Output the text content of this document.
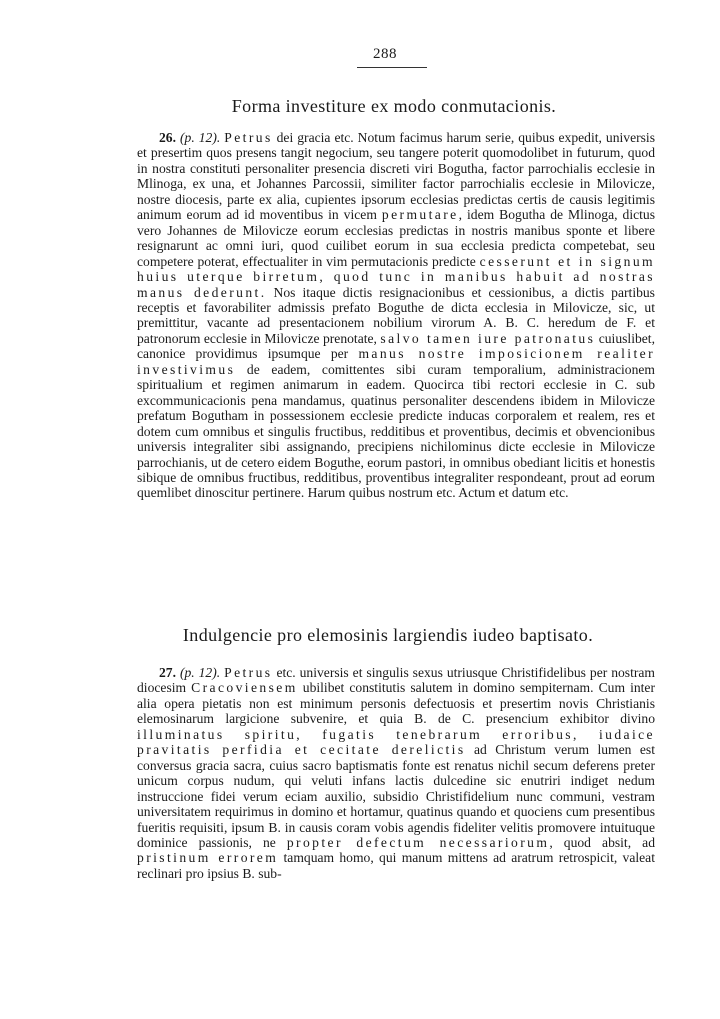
288
Forma investiture ex modo conmutacionis.

26. (p. 12). Petrus dei gracia etc. Notum facimus harum serie, quibus expedit, universis et presertim quos presens tangit negocium, seu tangere poterit quomodolibet in futurum, quod in nostra constituti personaliter presencia discreti viri Bogutha, factor parrochialis ecclesie in Mlinoga, ex una, et Johannes Parcossii, similiter factor parrochialis ecclesie in Milovicze, nostre diocesis, parte ex alia, cupientes ipsorum ecclesias predictas certis de causis legitimis animum eorum ad id moventibus in vicem permutare, idem Bogutha de Mlinoga, dictus vero Johannes de Milovicze eorum ecclesias predictas in nostris manibus sponte et libere resignarunt ac omni iuri, quod cuilibet eorum in sua ecclesia predicta competebat, seu competere poterat, effectualiter in vim permutacionis predicte cesserunt et in signum huius uterque birretum, quod tunc in manibus habuit ad nostras manus dederunt. Nos itaque dictis resignacionibus et cessionibus, a dictis partibus receptis et favorabiliter admissis prefato Boguthe de dicta ecclesia in Milovicze, sic, ut premittitur, vacante ad presentacionem nobilium virorum A. B. C. heredum de F. et patronorum ecclesie in Milovicze prenotate, salvo tamen iure patronatus cuiuslibet, canonice providimus ipsumque per manus nostre imposicionem realiter investivimus de eadem, comittentes sibi curam temporalium, administracionem spiritualium et regimen animarum in eadem. Quocirca tibi rectori ecclesie in C. sub excommunicacionis pena mandamus, quatinus personaliter descendens ibidem in Milovicze prefatum Bogutham in possessionem ecclesie predicte inducas corporalem et realem, res et dotem cum omnibus et singulis fructibus, redditibus et proventibus, decimis et obvencionibus universis integraliter sibi assignando, precipiens nichilominus dicte ecclesie in Milovicze parrochianis, ut de cetero eidem Boguthe, eorum pastori, in omnibus obediant licitis et honestis sibique de omnibus fructibus, redditibus, proventibus integraliter respondeant, prout ad eorum quemlibet dinoscitur pertinere. Harum quibus nostrum etc. Actum et datum etc.

Indulgencie pro elemosinis largiendis iudeo baptisato.

27. (p. 12). Petrus etc. universis et singulis sexus utriusque Christifidelibus per nostram diocesim Cracoviensem ubilibet constitutis salutem in domino sempiternam. Cum inter alia opera pietatis non est minimum personis defectuosis et presertim novis Christianis elemosinarum largicione subvenire, et quia B. de C. presencium exhibitor divino illuminatus spiritu, fugatis tenebrarum erroribus, iudaice pravitatis perfidia et cecitate derelictis ad Christum verum lumen est conversus gracia sacra, cuius sacro baptismatis fonte est renatus nichil secum deferens preter unicum corpus nudum, qui veluti infans lactis dulcedine sic enutriri indiget nedum instruccione fidei verum eciam auxilio, subsidio Christifidelium nunc communi, vestram universitatem requirimus in domino et hortamur, quatinus quando et quociens cum presentibus fueritis requisiti, ipsum B. in causis coram vobis agendis fideliter velitis promovere intuituque dominice passionis, ne propter defectum necessariorum, quod absit, ad pristinum errorem tamquam homo, qui manum mittens ad aratrum retrospicit, valeat reclinari pro ipsius B. sub-
